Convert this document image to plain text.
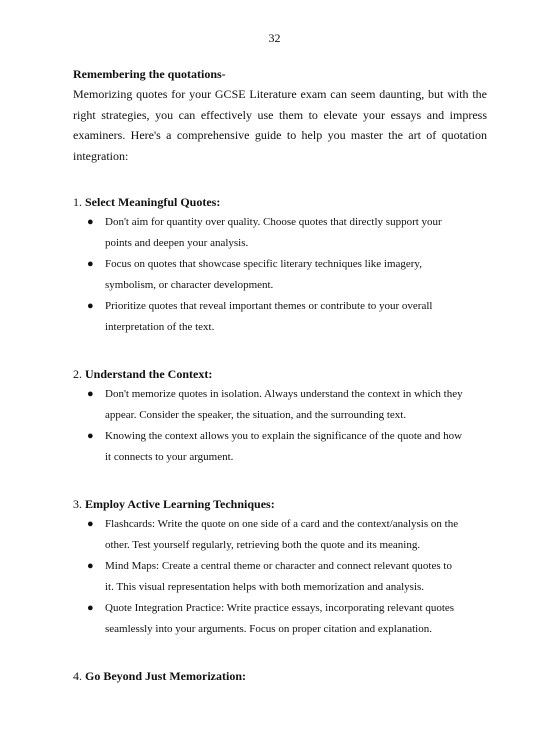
32

Remembering the quotations-

Memorizing quotes for your GCSE Literature exam can seem daunting, but with the right strategies, you can effectively use them to elevate your essays and impress examiners. Here's a comprehensive guide to help you master the art of quotation integration:

1. Select Meaningful Quotes:

● Don't aim for quantity over quality. Choose quotes that directly support your
points and deepen your analysis.
● Focus on quotes that showcase specific literary techniques like imagery,
symbolism, or character development.
● Prioritize quotes that reveal important themes or contribute to your overall
interpretation of the text.

2. Understand the Context:

● Don't memorize quotes in isolation. Always understand the context in which they
appear. Consider the speaker, the situation, and the surrounding text.
● Knowing the context allows you to explain the significance of the quote and how
it connects to your argument.

3. Employ Active Learning Techniques:

● Flashcards: Write the quote on one side of a card and the context/analysis on the
other. Test yourself regularly, retrieving both the quote and its meaning.
● Mind Maps: Create a central theme or character and connect relevant quotes to
it. This visual representation helps with both memorization and analysis.
● Quote Integration Practice: Write practice essays, incorporating relevant quotes
seamlessly into your arguments. Focus on proper citation and explanation.

4. Go Beyond Just Memorization:
